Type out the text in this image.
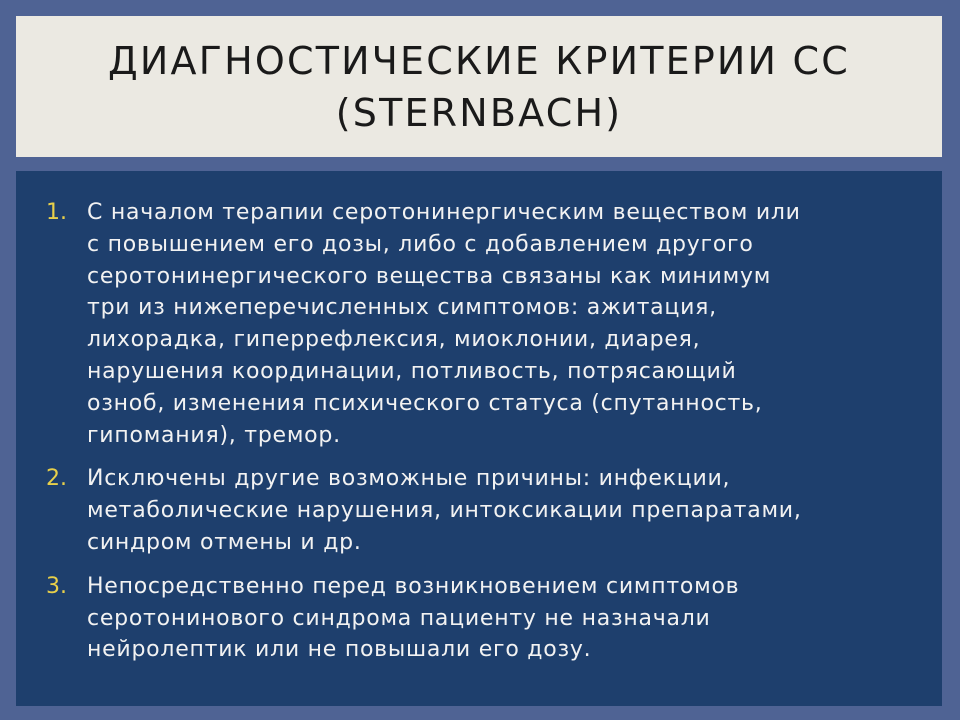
ДИАГНОСТИЧЕСКИЕ КРИТЕРИИ СС
(STERNBACH)
1. С началом терапии серотонинергическим веществом или
с повышением его дозы, либо с добавлением другого
серотонинергического вещества связаны как минимум
три из нижеперечисленных симптомов: ажитация,
лихорадка, гиперрефлексия, миоклонии, диарея,
нарушения координации, потливость, потрясающий
озноб, изменения психического статуса (спутанность,
гипомания), тремор.
2. Исключены другие возможные причины: инфекции,
метаболические нарушения, интоксикации препаратами,
синдром отмены и др.
3. Непосредственно перед возникновением симптомов
серотонинового синдрома пациенту не назначали
нейролептик или не повышали его дозу.
